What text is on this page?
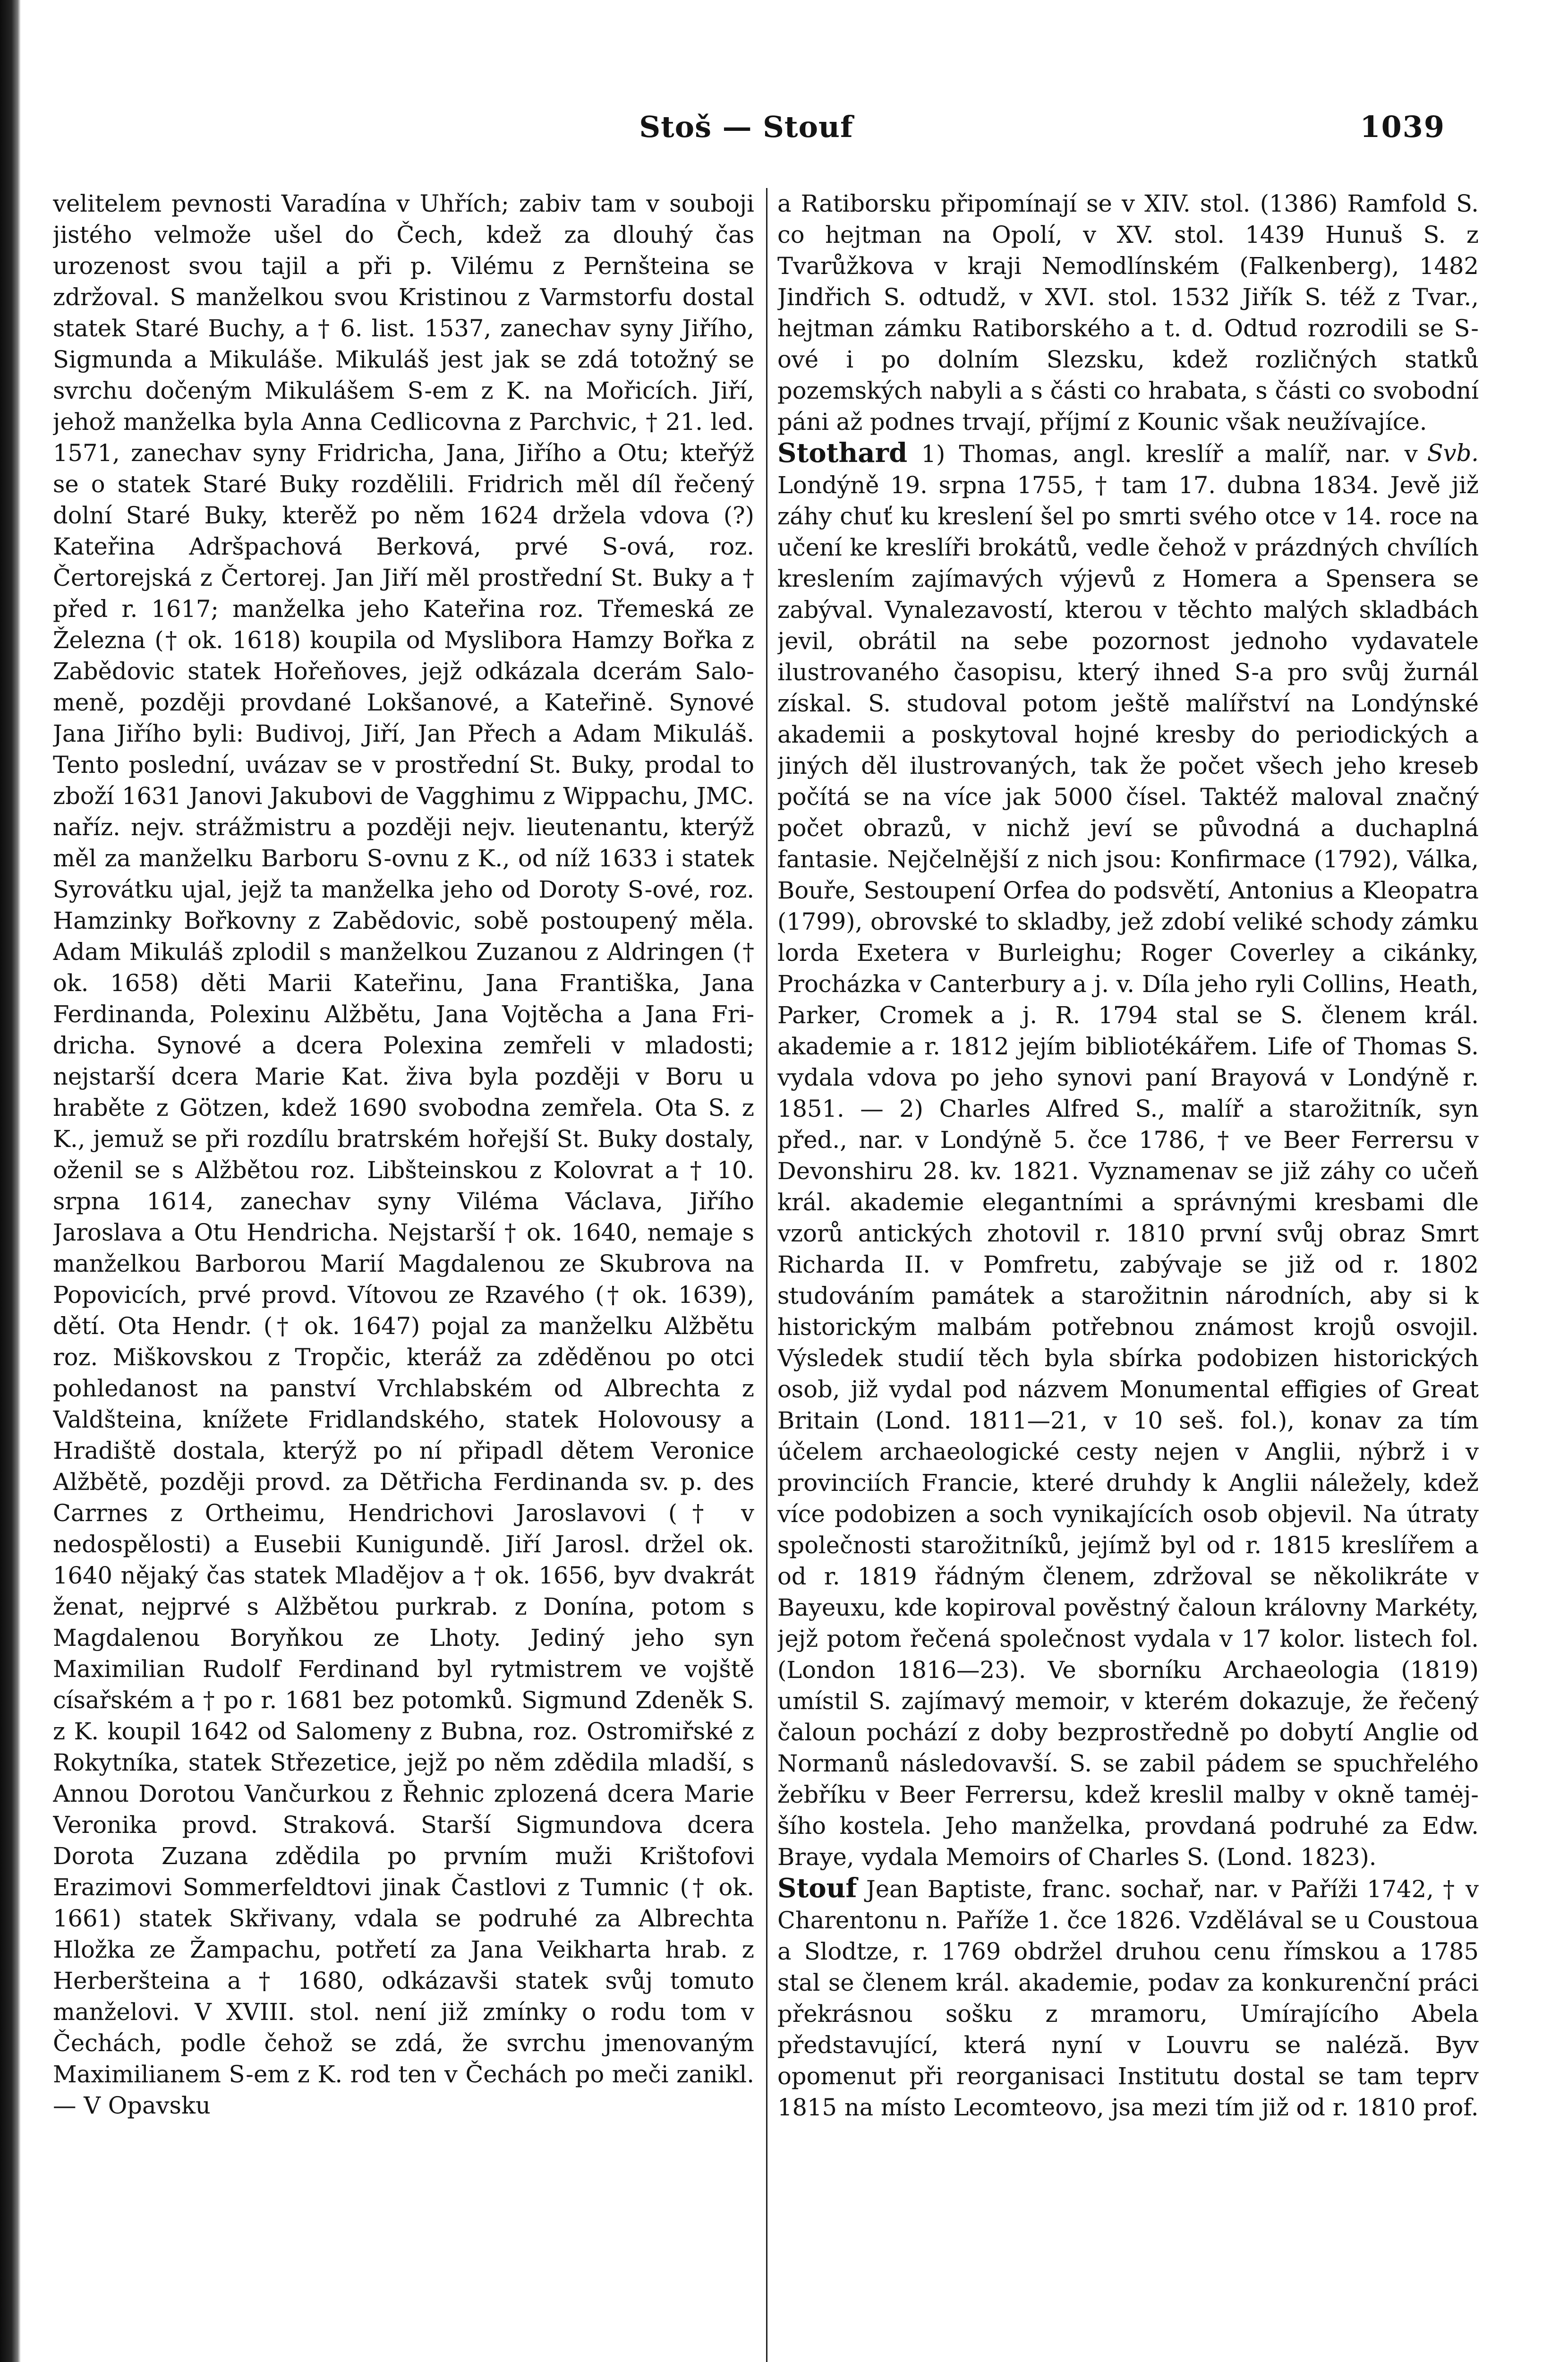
Stoš — Stouf	1039

velitelem pevnosti Varadína v Uhřích; zabiv tam v souboji jistého velmože ušel do Čech, kdež za dlouhý čas urozenost svou tajil a při p. Vilému z Pernšteina se zdržoval. S manželkou svou Kristinou z Varmstorfu dostal statek Staré Buchy, a † 6. list. 1537, zanechav syny Jiřího, Sigmunda a Mikuláše. Mikuláš jest jak se zdá totožný se svrchu dočeným Mikulášem S-em z K. na Mořicích. Jiří, jehož manželka byla Anna Cedlicovna z Parchvic, † 21. led. 1571, zanechav syny Fridricha, Jana, Jiřího a Otu; kteřýž se o statek Staré Buky rozdělili. Fridrich měl díl řečený dolní Staré Buky, kterěž po něm 1624 držela vdova (?) Kateřina Adršpachová Berková, prvé S-ová, roz. Čertorejská z Čertorej. Jan Jiří měl prostřední St. Buky a † před r. 1617; manželka jeho Kateřina roz. Třemeská ze Železna († ok. 1618) koupila od Myslibora Hamzy Bořka z Zabědovic statek Hořeňoves, jejž odkázala dcerám Salomeně, později provdané Lokšanové, a Kateřině. Synové Jana Jiřího byli: Budivoj, Jiří, Jan Přech a Adam Mikuláš. Tento poslední, uvázav se v prostřední St. Buky, prodal to zboží 1631 Janovi Jakubovi de Vagghimu z Wippachu, JMC. naříz. nejv. strážmistru a později nejv. lieutenantu, kterýž měl za manželku Barboru S-ovnu z K., od níž 1633 i statek Syrovátku ujal, jejž ta manželka jeho od Doroty S-ové, roz. Hamzinky Bořkovny z Zabědovic, sobě postoupený měla. Adam Mikuláš zplodil s manželkou Zuzanou z Aldringen († ok. 1658) děti Marii Kateřinu, Jana Františka, Jana Ferdinanda, Polexinu Alžbětu, Jana Vojtěcha a Jana Fridricha. Synové a dcera Polexina zemřeli v mladosti; nejstarší dcera Marie Kat. živa byla později v Boru u hraběte z Götzen, kdež 1690 svobodna zemřela. Ota S. z K., jemuž se při rozdílu bratrském hořejší St. Buky dostaly, oženil se s Alžbětou roz. Libšteinskou z Kolovrat a † 10. srpna 1614, zanechav syny Viléma Václava, Jiřího Jaroslava a Otu Hendricha. Nejstarší † ok. 1640, nemaje s manželkou Barborou Marií Magdalenou ze Skubrova na Popovicích, prvé provd. Vítovou ze Rzavého († ok. 1639), dětí. Ota Hendr. († ok. 1647) pojal za manželku Alžbětu roz. Miškovskou z Tropčic, kteráž za zděděnou po otci pohledanost na panství Vrchlabském od Albrechta z Valdšteina, knížete Fridlandského, statek Holovousy a Hradiště dostala, kterýž po ní připadl dětem Veronice Alžbětě, později provd. za Dětřicha Ferdinanda sv. p. des Carrnes z Ortheimu, Hendrichovi Jaroslavovi († v nedospělosti) a Eusebii Kunigundě. Jiří Jarosl. držel ok. 1640 nějaký čas statek Mladějov a † ok. 1656, byv dvakrát ženat, nejprvé s Alžbětou purkrab. z Donína, potom s Magdalenou Boryňkou ze Lhoty. Jediný jeho syn Maximilian Rudolf Ferdinand byl rytmistrem ve vojště císařském a † po r. 1681 bez potomků. Sigmund Zdeněk S. z K. koupil 1642 od Salomeny z Bubna, roz. Ostromiřské z Rokytníka, statek Střezetice, jejž po něm zdědila mladší, s Annou Dorotou Vančurkou z Řehnic zplozená dcera Marie Veronika provd. Straková. Starší Sigmundova dcera Dorota Zuzana zdědila po prvním muži Krištofovi Erazimovi Sommerfeldtovi jinak Častlovi z Tumnic († ok. 1661) statek Skřivany, vdala se podruhé za Albrechta Hložka ze Žampachu, potřetí za Jana Veikharta hrab. z Herberšteina a † 1680, odkázavši statek svůj tomuto manželovi. V XVIII. stol. není již zmínky o rodu tom v Čechách, podle čehož se zdá, že svrchu jmenovaným Maximilianem S-em z K. rod ten v Čechách po meči zanikl. — V Opavsku

a Ratiborsku připomínají se v XIV. stol. (1386) Ramfold S. co hejtman na Opolí, v XV. stol. 1439 Hunuš S. z Tvarůžkova v kraji Nemodlínském (Falkenberg), 1482 Jindřich S. odtudž, v XVI. stol. 1532 Jiřík S. též z Tvar., hejtman zámku Ratiborského a t. d. Odtud rozrodili se S-ové i po dolním Slezsku, kdež rozličných statků pozemských nabyli a s části co hrabata, s části co svobodní páni až podnes trvají, příjmí z Kounic však neužívajíce.
Svb.

Stothard 1) Thomas, angl. kreslíř a malíř, nar. v Londýně 19. srpna 1755, † tam 17. dubna 1834. Jevě již záhy chuť ku kreslení šel po smrti svého otce v 14. roce na učení ke kreslíři brokátů, vedle čehož v prázdných chvílích kreslením zajímavých výjevů z Homera a Spensera se zabýval. Vynalezavostí, kterou v těchto malých skladbách jevil, obrátil na sebe pozornost jednoho vydavatele ilustrovaného časopisu, který ihned S-a pro svůj žurnál získal. S. studoval potom ještě malířství na Londýnské akademii a poskytoval hojné kresby do periodických a jiných děl ilustrovaných, tak že počet všech jeho kreseb počítá se na více jak 5000 čísel. Taktéž maloval značný počet obrazů, v nichž jeví se původná a duchaplná fantasie. Nejčelnější z nich jsou: Konfirmace (1792), Válka, Bouře, Sestoupení Orfea do podsvětí, Antonius a Kleopatra (1799), obrovské to skladby, jež zdobí veliké schody zámku lorda Exetera v Burleighu; Roger Coverley a cikánky, Procházka v Canterbury a j. v. Díla jeho ryli Collins, Heath, Parker, Cromek a j. R. 1794 stal se S. členem král. akademie a r. 1812 jejím bibliotékářem. Life of Thomas S. vydala vdova po jeho synovi paní Brayová v Londýně r. 1851. — 2) Charles Alfred S., malíř a starožitník, syn před., nar. v Londýně 5. čce 1786, † ve Beer Ferrersu v Devonshiru 28. kv. 1821. Vyznamenav se již záhy co učeň král. akademie elegantními a správnými kresbami dle vzorů antických zhotovil r. 1810 první svůj obraz Smrt Richarda II. v Pomfretu, zabývaje se již od r. 1802 studováním památek a starožitnin národních, aby si k historickým malbám potřebnou známost krojů osvojil. Výsledek studií těch byla sbírka podobizen historických osob, již vydal pod názvem Monumental effigies of Great Britain (Lond. 1811—21, v 10 seš. fol.), konav za tím účelem archaeologické cesty nejen v Anglii, nýbrž i v provinciích Francie, které druhdy k Anglii náležely, kdež více podobizen a soch vynikajících osob objevil. Na útraty společnosti starožitníků, jejímž byl od r. 1815 kreslířem a od r. 1819 řádným členem, zdržoval se několikráte v Bayeuxu, kde kopiroval pověstný čaloun královny Markéty, jejž potom řečená společnost vydala v 17 kolor. listech fol. (London 1816—23). Ve sborníku Archaeologia (1819) umístil S. zajímavý memoir, v kterém dokazuje, že řečený čaloun pochází z doby bezprostředně po dobytí Anglie od Normanů následovavší. S. se zabil pádem se spuchřelého žebříku v Beer Ferrersu, kdež kreslil malby v okně tamėjšího kostela. Jeho manželka, provdaná podruhé za Edw. Braye, vydala Memoirs of Charles S. (Lond. 1823).

Stouf Jean Baptiste, franc. sochař, nar. v Paříži 1742, † v Charentonu n. Paříže 1. čce 1826. Vzdělával se u Coustoua a Slodtze, r. 1769 obdržel druhou cenu římskou a 1785 stal se členem král. akademie, podav za konkurenční práci překrásnou sošku z mramoru, Umírajícího Abela představující, která nyní v Louvru se naléză. Byv opomenut při reorganisaci Institutu dostal se tam teprv 1815 na místo Lecomteovo, jsa mezi tím již od r. 1810 prof.
